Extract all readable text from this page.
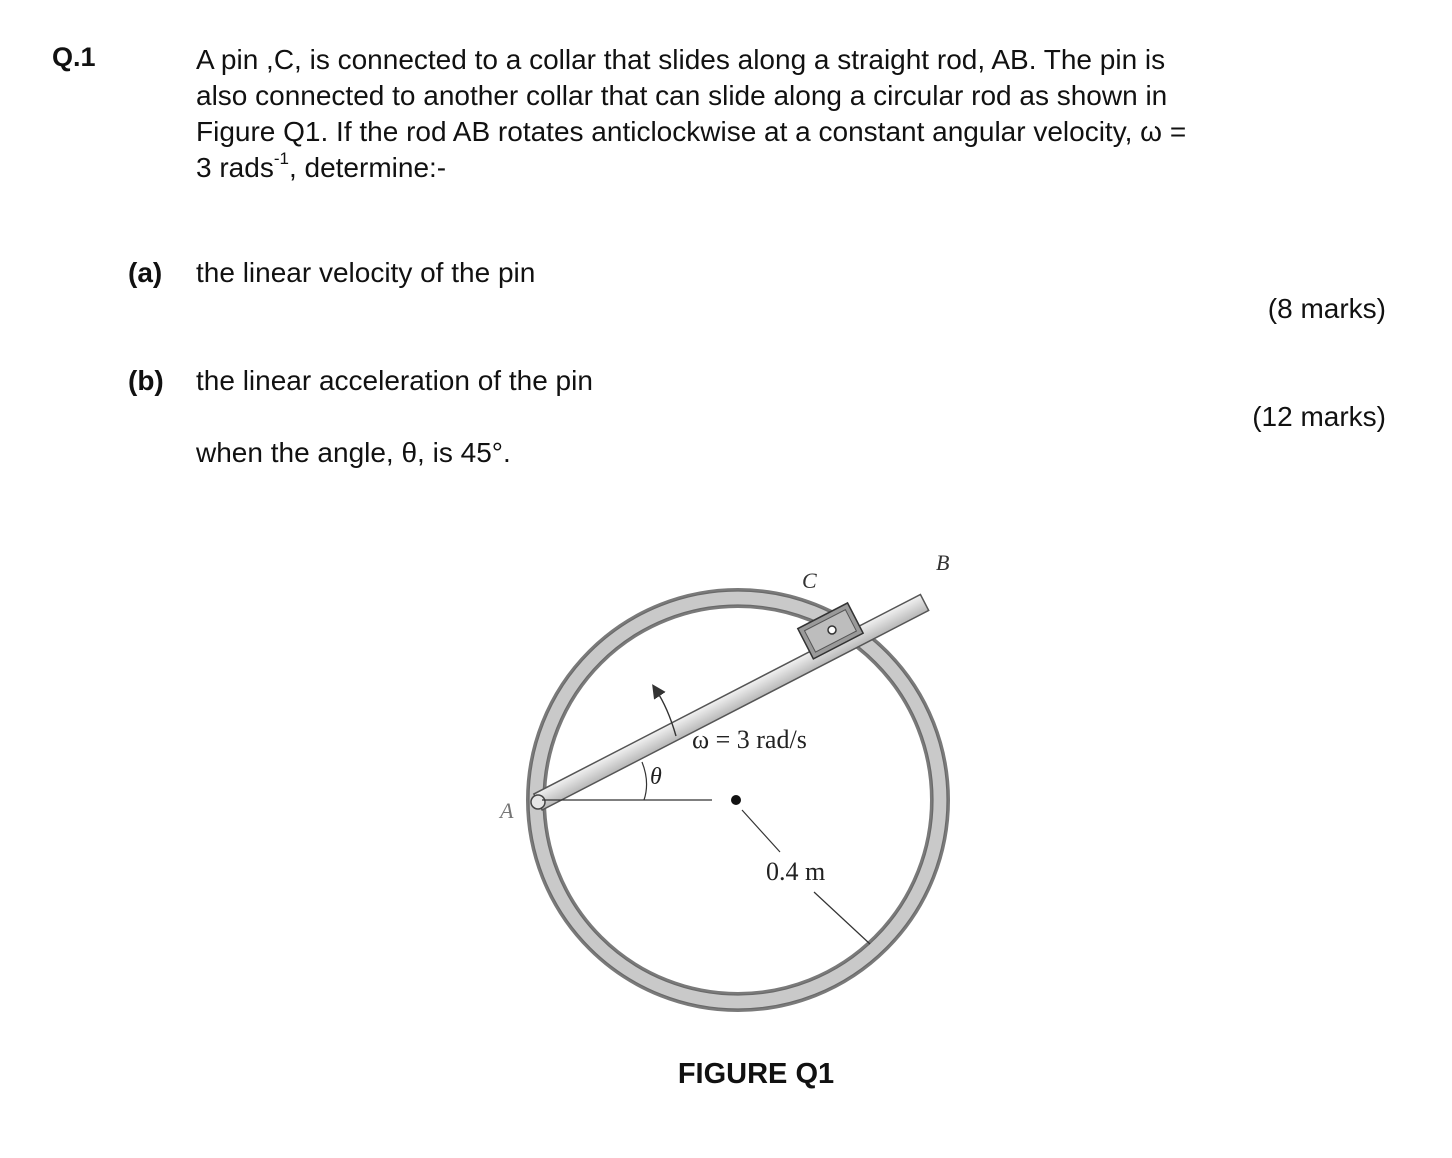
Q.1	A pin ,C, is connected to a collar that slides along a straight rod, AB. The pin is
also connected to another collar that can slide along a circular rod as shown in
Figure Q1. If the rod AB rotates anticlockwise at a constant angular velocity, ω =
3 rads$^{-1}$, determine:-
(a) the linear velocity of the pin
(8 marks)
(b) the linear acceleration of the pin
(12 marks)
when the angle, θ, is 45°.
B
C
A
θ
ω = 3 rad/s
0.4 m
FIGURE Q1
